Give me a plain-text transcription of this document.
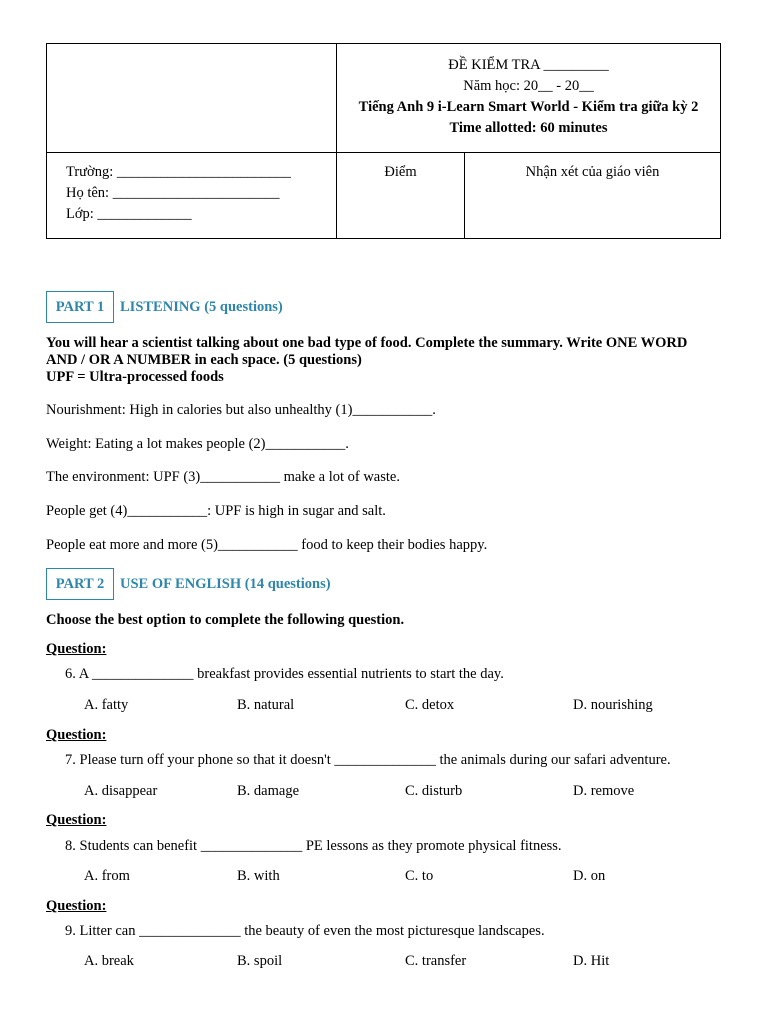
ĐỀ KIỂM TRA _________
Năm học: 20__ - 20__
Tiếng Anh 9 i-Learn Smart World - Kiểm tra giữa kỳ 2
Time allotted: 60 minutes
Trường: ________________________
Họ tên: _______________________
Lớp: _____________
Điểm	Nhận xét của giáo viên
PART 1	LISTENING (5 questions)
You will hear a scientist talking about one bad type of food. Complete the summary. Write ONE WORD AND / OR A NUMBER in each space. (5 questions)
UPF = Ultra-processed foods
Nourishment: High in calories but also unhealthy (1)___________.
Weight: Eating a lot makes people (2)___________.
The environment: UPF (3)___________ make a lot of waste.
People get (4)___________: UPF is high in sugar and salt.
People eat more and more (5)___________ food to keep their bodies happy.
PART 2	USE OF ENGLISH (14 questions)
Choose the best option to complete the following question.
Question:
6. A ______________ breakfast provides essential nutrients to start the day.
A. fatty	B. natural	C. detox	D. nourishing
Question:
7. Please turn off your phone so that it doesn't ______________ the animals during our safari adventure.
A. disappear	B. damage	C. disturb	D. remove
Question:
8. Students can benefit ______________ PE lessons as they promote physical fitness.
A. from	B. with	C. to	D. on
Question:
9. Litter can ______________ the beauty of even the most picturesque landscapes.
A. break	B. spoil	C. transfer	D. Hit
